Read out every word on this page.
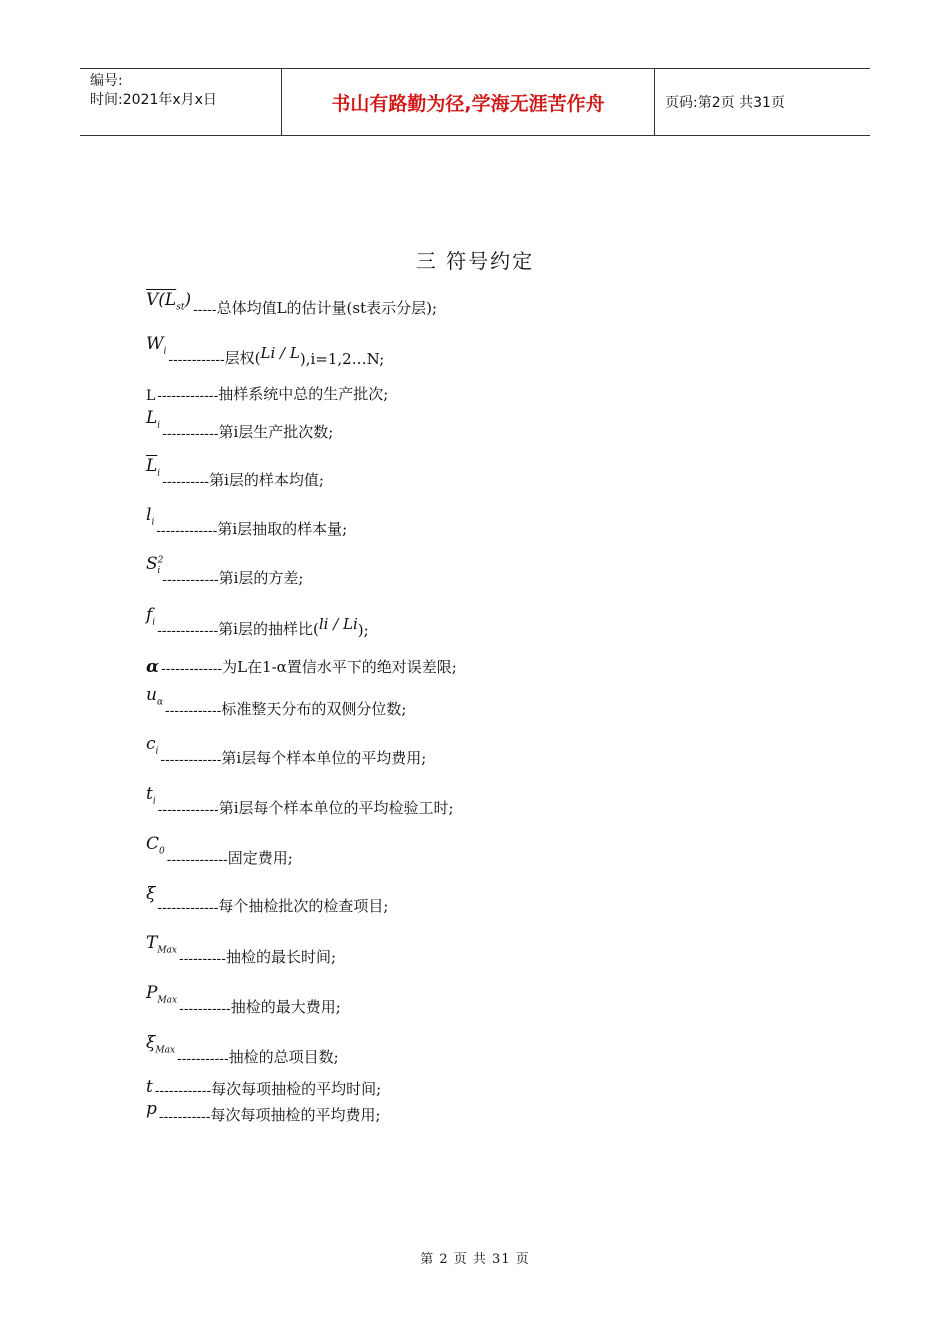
编号:
时间:2021年x月x日	书山有路勤为径,学海无涯苦作舟	页码:第2页 共31页
三 符号约定
$V(L_{st})$
----- 总体均值L的估计量(st表示分层);
$W_i$
------------ 层权( Li / L ),i=1,2…N;
L ------------- 抽样系统中总的生产批次;
$L_i$
------------ 第i层生产批次数;
$\overline{L}_i$
---------- 第i层的样本均值;
$l_i$
------------- 第i层抽取的样本量;
$S^2_i$
------------ 第i层的方差;
$f_i$
------------- 第i层的抽样比( li / Li );
α ------------- 为L在1-α置信水平下的绝对误差限;
$u_\alpha$
------------ 标准整天分布的双侧分位数;
$c_i$
------------- 第i层每个样本单位的平均费用;
$t_i$
------------- 第i层每个样本单位的平均检验工时;
$C_0$
------------- 固定费用;
ξ
------------- 每个抽检批次的检查项目;
$T_{Max}$
---------- 抽检的最长时间;
$P_{Max}$
----------- 抽检的最大费用;
$\xi_{Max}$
----------- 抽检的总项目数;
t ------------ 每次每项抽检的平均时间;
p ----------- 每次每项抽检的平均费用;
第 2 页 共 31 页
